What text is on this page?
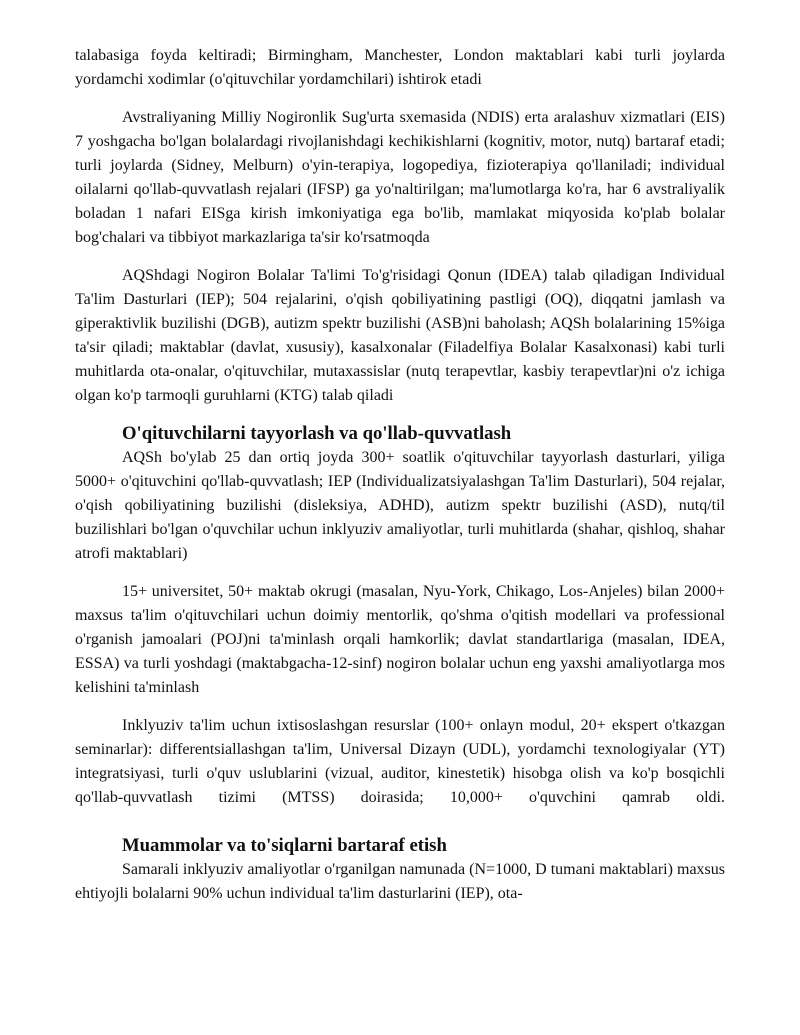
talabasiga foyda keltiradi; Birmingham, Manchester, London maktablari kabi turli joylarda yordamchi xodimlar (o'qituvchilar yordamchilari) ishtirok etadi

Avstraliyaning Milliy Nogironlik Sug'urta sxemasida (NDIS) erta aralashuv xizmatlari (EIS) 7 yoshgacha bo'lgan bolalardagi rivojlanishdagi kechikishlarni (kognitiv, motor, nutq) bartaraf etadi; turli joylarda (Sidney, Melburn) o'yin-terapiya, logopediya, fizioterapiya qo'llaniladi; individual oilalarni qo'llab-quvvatlash rejalari (IFSP) ga yo'naltirilgan; ma'lumotlarga ko'ra, har 6 avstraliyalik boladan 1 nafari EISga kirish imkoniyatiga ega bo'lib, mamlakat miqyosida ko'plab bolalar bog'chalari va tibbiyot markazlariga ta'sir ko'rsatmoqda

AQShdagi Nogiron Bolalar Ta'limi To'g'risidagi Qonun (IDEA) talab qiladigan Individual Ta'lim Dasturlari (IEP); 504 rejalarini, o'qish qobiliyatining pastligi (OQ), diqqatni jamlash va giperaktivlik buzilishi (DGB), autizm spektr buzilishi (ASB)ni baholash; AQSh bolalarining 15%iga ta'sir qiladi; maktablar (davlat, xususiy), kasalxonalar (Filadelfiya Bolalar Kasalxonasi) kabi turli muhitlarda ota-onalar, o'qituvchilar, mutaxassislar (nutq terapevtlar, kasbiy terapevtlar)ni o'z ichiga olgan ko'p tarmoqli guruhlarni (KTG) talab qiladi

O'qituvchilarni tayyorlash va qo'llab-quvvatlash

AQSh bo'ylab 25 dan ortiq joyda 300+ soatlik o'qituvchilar tayyorlash dasturlari, yiliga 5000+ o'qituvchini qo'llab-quvvatlash; IEP (Individualizatsiyalashgan Ta'lim Dasturlari), 504 rejalar, o'qish qobiliyatining buzilishi (disleksiya, ADHD), autizm spektr buzilishi (ASD), nutq/til buzilishlari bo'lgan o'quvchilar uchun inklyuziv amaliyotlar, turli muhitlarda (shahar, qishloq, shahar atrofi maktablari)

15+ universitet, 50+ maktab okrugi (masalan, Nyu-York, Chikago, Los-Anjeles) bilan 2000+ maxsus ta'lim o'qituvchilari uchun doimiy mentorlik, qo'shma o'qitish modellari va professional o'rganish jamoalari (POJ)ni ta'minlash orqali hamkorlik; davlat standartlariga (masalan, IDEA, ESSA) va turli yoshdagi (maktabgacha-12-sinf) nogiron bolalar uchun eng yaxshi amaliyotlarga mos kelishini ta'minlash

Inklyuziv ta'lim uchun ixtisoslashgan resurslar (100+ onlayn modul, 20+ ekspert o'tkazgan seminarlar): differentsiallashgan ta'lim, Universal Dizayn (UDL), yordamchi texnologiyalar (YT) integratsiyasi, turli o'quv uslublarini (vizual, auditor, kinestetik) hisobga olish va ko'p bosqichli qo'llab-quvvatlash tizimi (MTSS) doirasida; 10,000+ o'quvchini qamrab oldi.

Muammolar va to'siqlarni bartaraf etish

Samarali inklyuziv amaliyotlar o'rganilgan namunada (N=1000, D tumani maktablari) maxsus ehtiyojli bolalarni 90% uchun individual ta'lim dasturlarini (IEP), ota-
